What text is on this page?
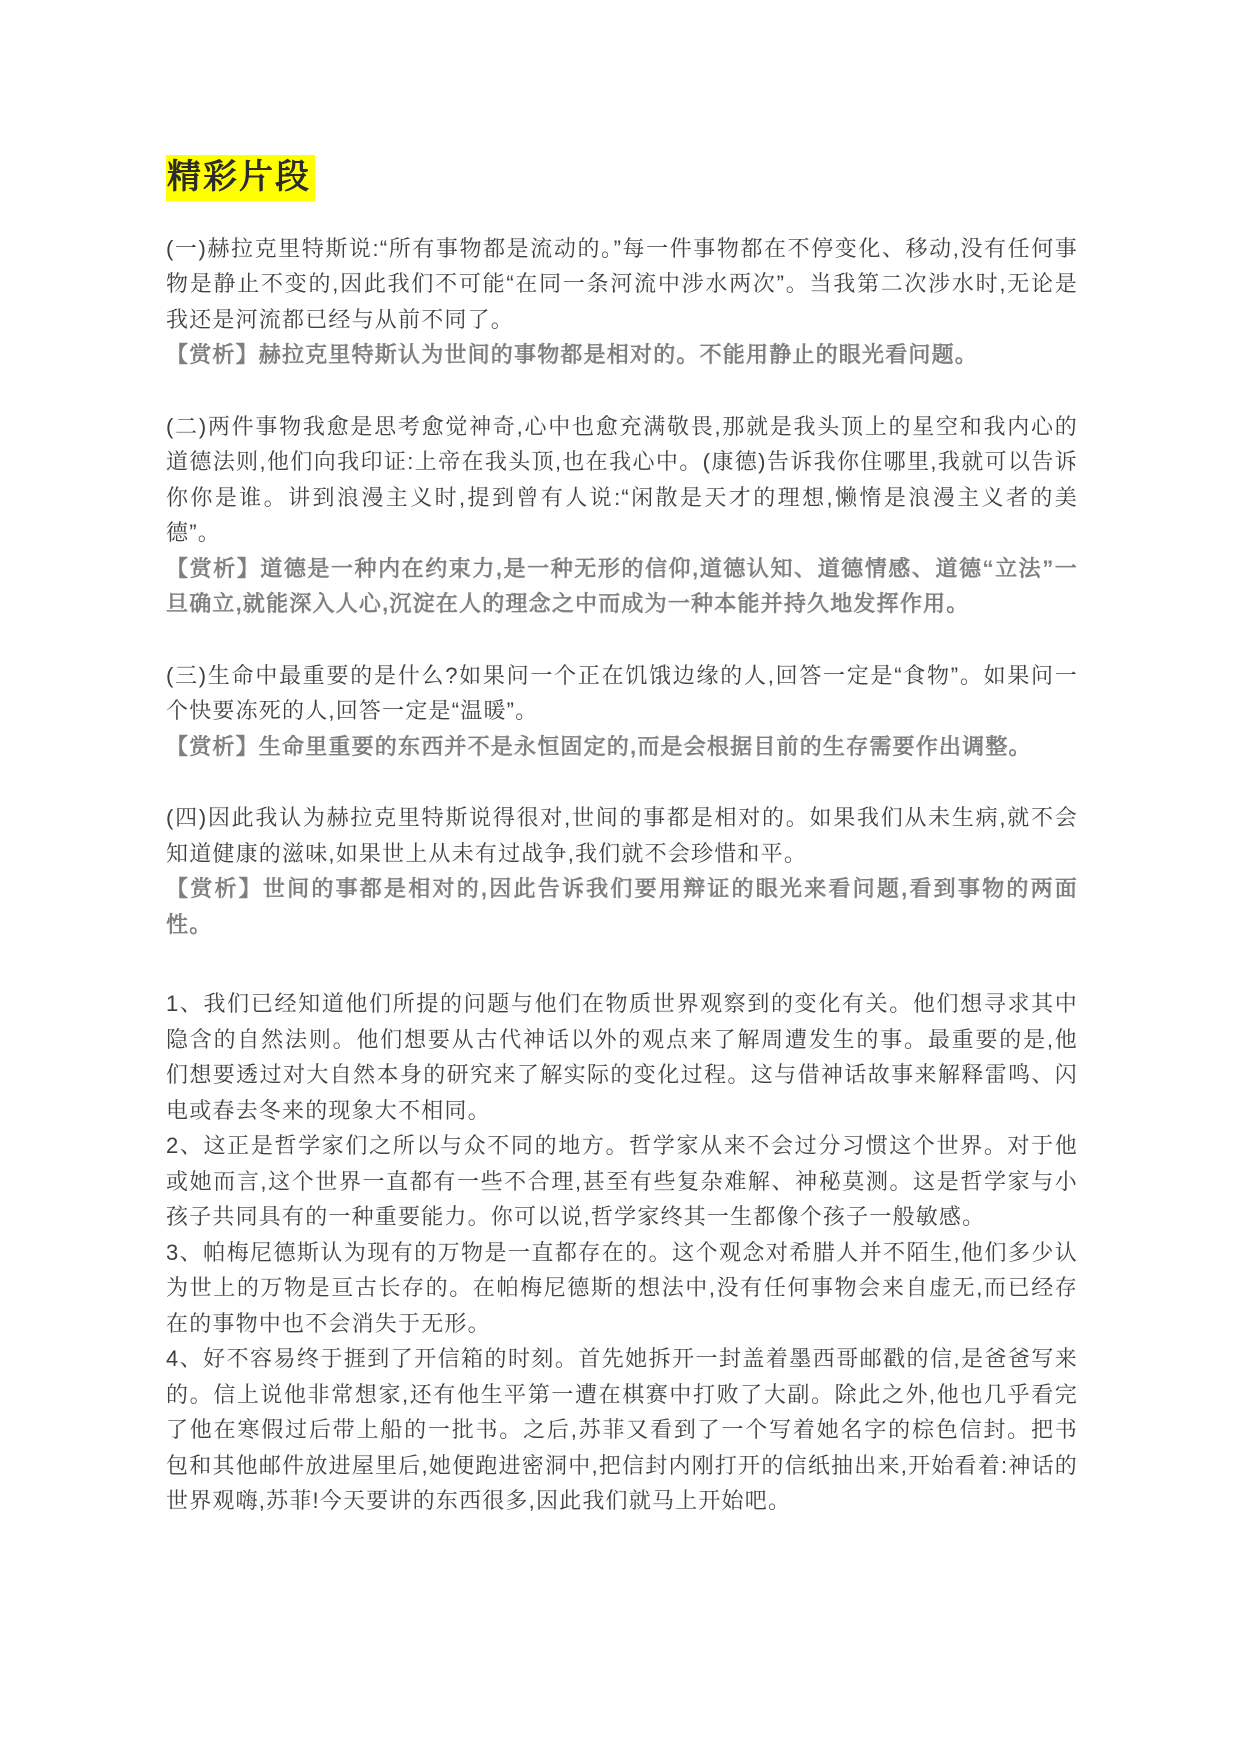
精彩片段

(一)赫拉克里特斯说:“所有事物都是流动的。”每一件事物都在不停变化、移动,没有任何事物是静止不变的,因此我们不可能“在同一条河流中涉水两次”。当我第二次涉水时,无论是我还是河流都已经与从前不同了。

【赏析】赫拉克里特斯认为世间的事物都是相对的。不能用静止的眼光看问题。

(二)两件事物我愈是思考愈觉神奇,心中也愈充满敬畏,那就是我头顶上的星空和我内心的道德法则,他们向我印证:上帝在我头顶,也在我心中。(康德)告诉我你住哪里,我就可以告诉你你是谁。讲到浪漫主义时,提到曾有人说:“闲散是天才的理想,懒惰是浪漫主义者的美德”。

【赏析】道德是一种内在约束力,是一种无形的信仰,道德认知、道德情感、道德“立法”一旦确立,就能深入人心,沉淀在人的理念之中而成为一种本能并持久地发挥作用。

(三)生命中最重要的是什么?如果问一个正在饥饿边缘的人,回答一定是“食物”。如果问一个快要冻死的人,回答一定是“温暖”。

【赏析】生命里重要的东西并不是永恒固定的,而是会根据目前的生存需要作出调整。

(四)因此我认为赫拉克里特斯说得很对,世间的事都是相对的。如果我们从未生病,就不会知道健康的滋味,如果世上从未有过战争,我们就不会珍惜和平。

【赏析】世间的事都是相对的,因此告诉我们要用辩证的眼光来看问题,看到事物的两面性。

1、我们已经知道他们所提的问题与他们在物质世界观察到的变化有关。他们想寻求其中隐含的自然法则。他们想要从古代神话以外的观点来了解周遭发生的事。最重要的是,他们想要透过对大自然本身的研究来了解实际的变化过程。这与借神话故事来解释雷鸣、闪电或春去冬来的现象大不相同。

2、这正是哲学家们之所以与众不同的地方。哲学家从来不会过分习惯这个世界。对于他或她而言,这个世界一直都有一些不合理,甚至有些复杂难解、神秘莫测。这是哲学家与小孩子共同具有的一种重要能力。你可以说,哲学家终其一生都像个孩子一般敏感。

3、帕梅尼德斯认为现有的万物是一直都存在的。这个观念对希腊人并不陌生,他们多少认为世上的万物是亘古长存的。在帕梅尼德斯的想法中,没有任何事物会来自虚无,而已经存在的事物中也不会消失于无形。

4、好不容易终于捱到了开信箱的时刻。首先她拆开一封盖着墨西哥邮戳的信,是爸爸写来的。信上说他非常想家,还有他生平第一遭在棋赛中打败了大副。除此之外,他也几乎看完了他在寒假过后带上船的一批书。之后,苏菲又看到了一个写着她名字的棕色信封。把书包和其他邮件放进屋里后,她便跑进密洞中,把信封内刚打开的信纸抽出来,开始看着:神话的世界观嗨,苏菲!今天要讲的东西很多,因此我们就马上开始吧。
